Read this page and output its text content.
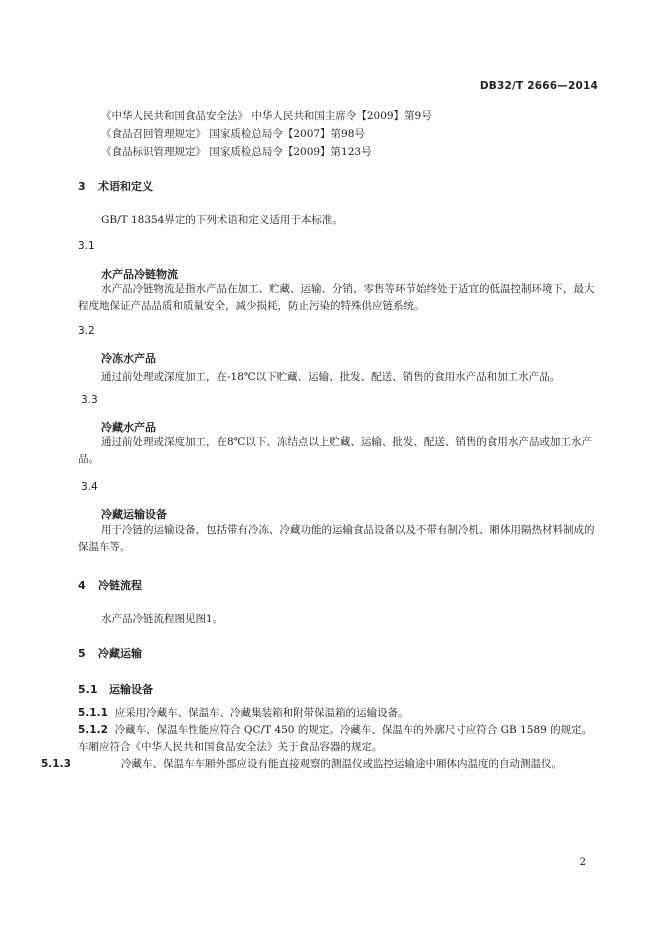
DB32/T 2666—2014
《中华人民共和国食品安全法》 中华人民共和国主席令【2009】第9号
《食品召回管理规定》 国家质检总局令【2007】第98号
《食品标识管理规定》 国家质检总局令【2009】第123号
3 术语和定义
GB/T 18354界定的下列术语和定义适用于本标准。
3.1
水产品冷链物流
水产品冷链物流是指水产品在加工、贮藏、运输、分销、零售等环节始终处于适宜的低温控制环境下，最大程度地保证产品品质和质量安全，减少损耗，防止污染的特殊供应链系统。
3.2
冷冻水产品
通过前处理或深度加工，在-18℃以下贮藏、运输、批发、配送、销售的食用水产品和加工水产品。
3.3
冷藏水产品
通过前处理或深度加工，在8℃以下、冻结点以上贮藏、运输、批发、配送、销售的食用水产品或加工水产品。
3.4
冷藏运输设备
用于冷链的运输设备，包括带有冷冻、冷藏功能的运输食品设备以及不带有制冷机、厢体用隔热材料制成的保温车等。
4 冷链流程
水产品冷链流程图见图1。
5 冷藏运输
5.1 运输设备
5.1.1 应采用冷藏车、保温车、冷藏集装箱和附带保温箱的运输设备。
5.1.2 冷藏车、保温车性能应符合 QC/T 450 的规定。冷藏车、保温车的外廓尺寸应符合 GB 1589 的规定。车厢应符合《中华人民共和国食品安全法》关于食品容器的规定。
5.1.3	冷藏车、保温车车厢外部应设有能直接观察的测温仪或监控运输途中厢体内温度的自动测温仪。
2
